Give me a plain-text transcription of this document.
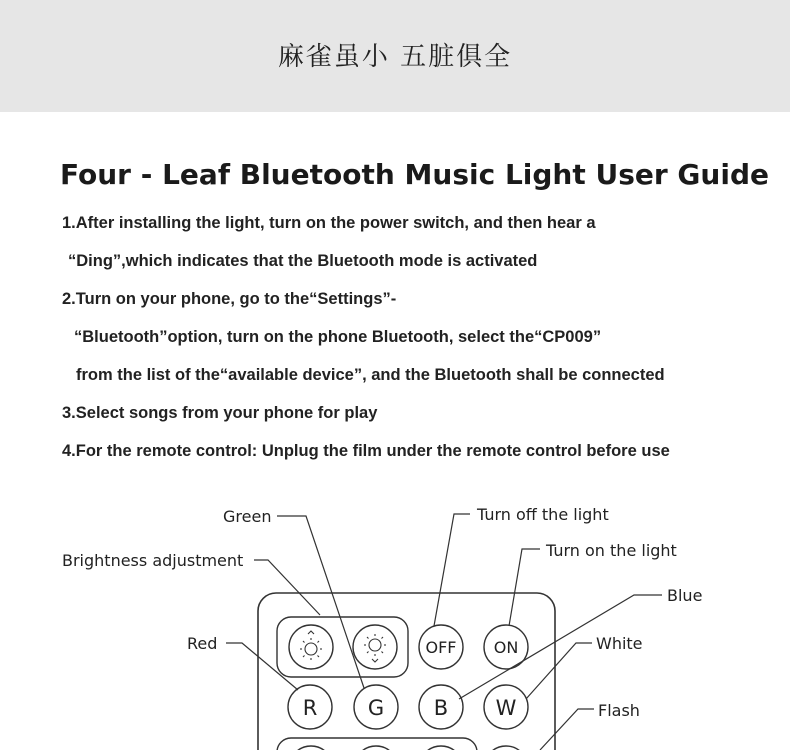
麻雀虽小 五脏俱全
Four - Leaf Bluetooth Music Light User Guide
1.After installing the light, turn on the power switch, and then hear a
“Ding”,which indicates that the Bluetooth mode is activated
2.Turn on your phone, go to the“Settings”-
“Bluetooth”option, turn on the phone Bluetooth, select the“CP009”
from the list of the“available device”, and the Bluetooth shall be connected
3.Select songs from your phone for play
4.For the remote control: Unplug the film under the remote control before use
OFF ON
R G B W
Green
Brightness adjustment
Red
Turn off the light
Turn on the light
Blue
White
Flash
